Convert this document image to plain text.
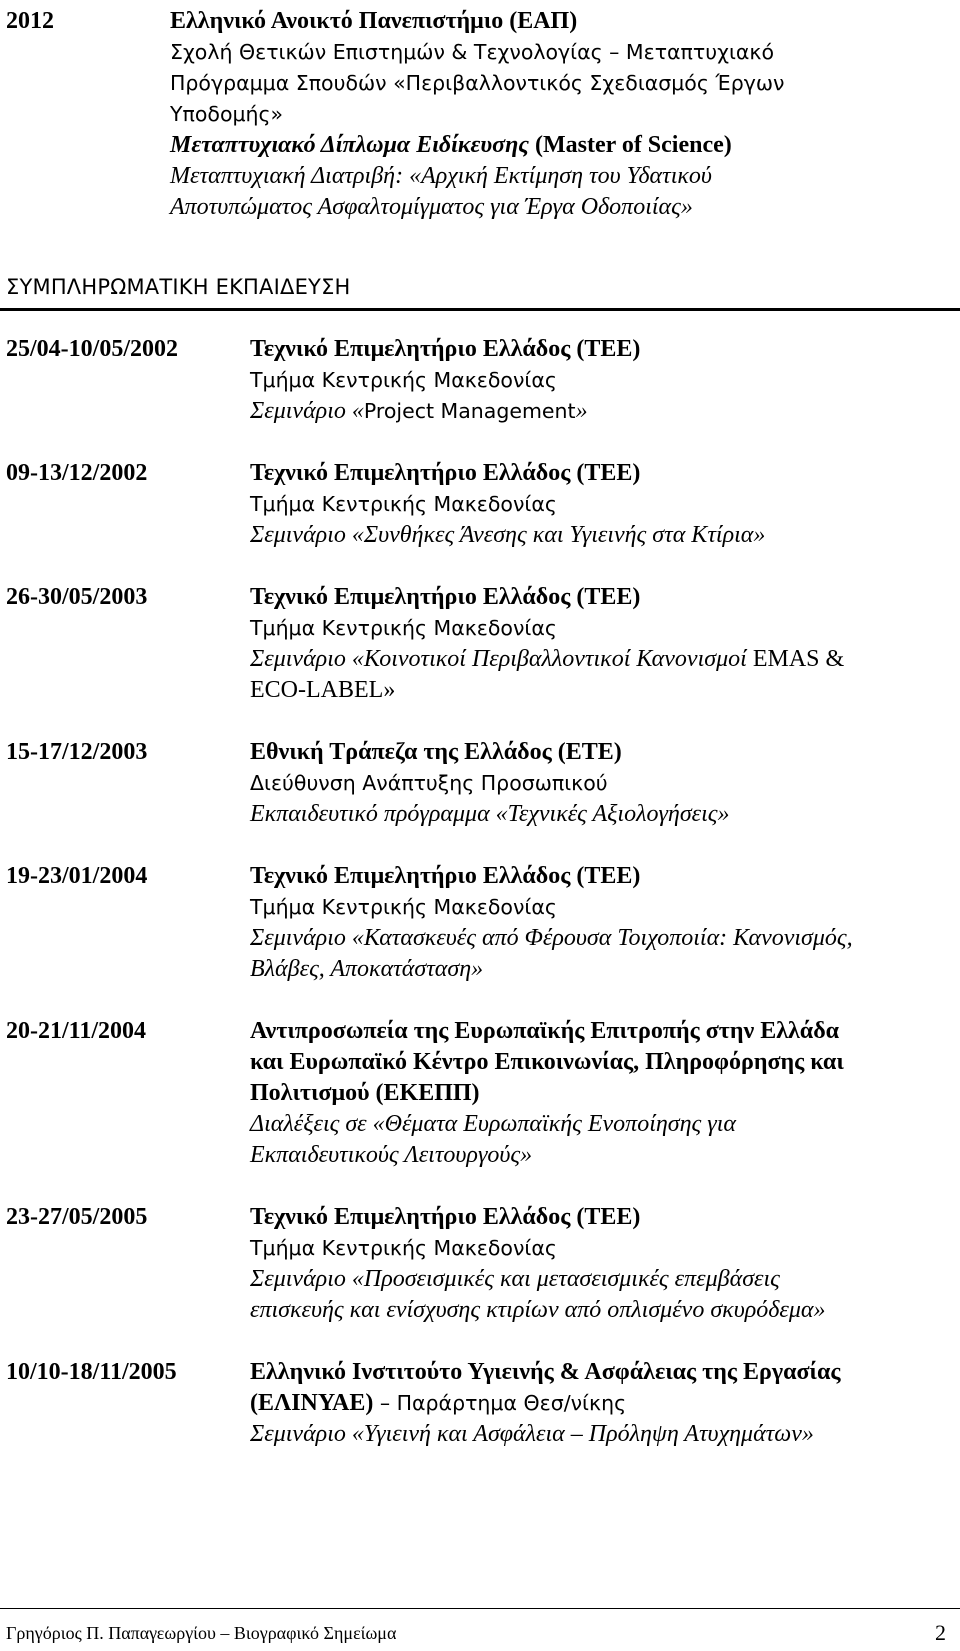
2012	Ελληνικό Ανοικτό Πανεπιστήμιο (ΕΑΠ)
Σχολή Θετικών Επιστημών & Τεχνολογίας – Μεταπτυχιακό
Πρόγραμμα Σπουδών «Περιβαλλοντικός Σχεδιασμός Έργων
Υποδομής»
Μεταπτυχιακό Δίπλωμα Ειδίκευσης (Master of Science)
Μεταπτυχιακή Διατριβή: «Αρχική Εκτίμηση του Υδατικού
Αποτυπώματος Ασφαλτομίγματος για Έργα Οδοποιίας»
ΣΥΜΠΛΗΡΩΜΑΤΙΚΗ ΕΚΠΑΙΔΕΥΣΗ
25/04-10/05/2002	Τεχνικό Επιμελητήριο Ελλάδος (ΤΕΕ)
Τμήμα Κεντρικής Μακεδονίας
Σεμινάριο «Project Management»
09-13/12/2002	Τεχνικό Επιμελητήριο Ελλάδος (ΤΕΕ)
Τμήμα Κεντρικής Μακεδονίας
Σεμινάριο «Συνθήκες Άνεσης και Υγιεινής στα Κτίρια»
26-30/05/2003	Τεχνικό Επιμελητήριο Ελλάδος (ΤΕΕ)
Τμήμα Κεντρικής Μακεδονίας
Σεμινάριο «Κοινοτικοί Περιβαλλοντικοί Κανονισμοί EMAS &
ECO-LABEL»
15-17/12/2003	Εθνική Τράπεζα της Ελλάδος (ΕΤΕ)
Διεύθυνση Ανάπτυξης Προσωπικού
Εκπαιδευτικό πρόγραμμα «Τεχνικές Αξιολογήσεις»
19-23/01/2004	Τεχνικό Επιμελητήριο Ελλάδος (ΤΕΕ)
Τμήμα Κεντρικής Μακεδονίας
Σεμινάριο «Κατασκευές από Φέρουσα Τοιχοποιία: Κανονισμός,
Βλάβες, Αποκατάσταση»
20-21/11/2004	Αντιπροσωπεία της Ευρωπαϊκής Επιτροπής στην Ελλάδα
και Ευρωπαϊκό Κέντρο Επικοινωνίας, Πληροφόρησης και
Πολιτισμού (ΕΚΕΠΠ)
Διαλέξεις σε «Θέματα Ευρωπαϊκής Ενοποίησης για
Εκπαιδευτικούς Λειτουργούς»
23-27/05/2005	Τεχνικό Επιμελητήριο Ελλάδος (ΤΕΕ)
Τμήμα Κεντρικής Μακεδονίας
Σεμινάριο «Προσεισμικές και μετασεισμικές επεμβάσεις
επισκευής και ενίσχυσης κτιρίων από οπλισμένο σκυρόδεμα»
10/10-18/11/2005	Ελληνικό Ινστιτούτο Υγιεινής & Ασφάλειας της Εργασίας
(ΕΛΙΝΥΑΕ) – Παράρτημα Θεσ/νίκης
Σεμινάριο «Υγιεινή και Ασφάλεια – Πρόληψη Ατυχημάτων»
Γρηγόριος Π. Παπαγεωργίου – Βιογραφικό Σημείωμα	2
